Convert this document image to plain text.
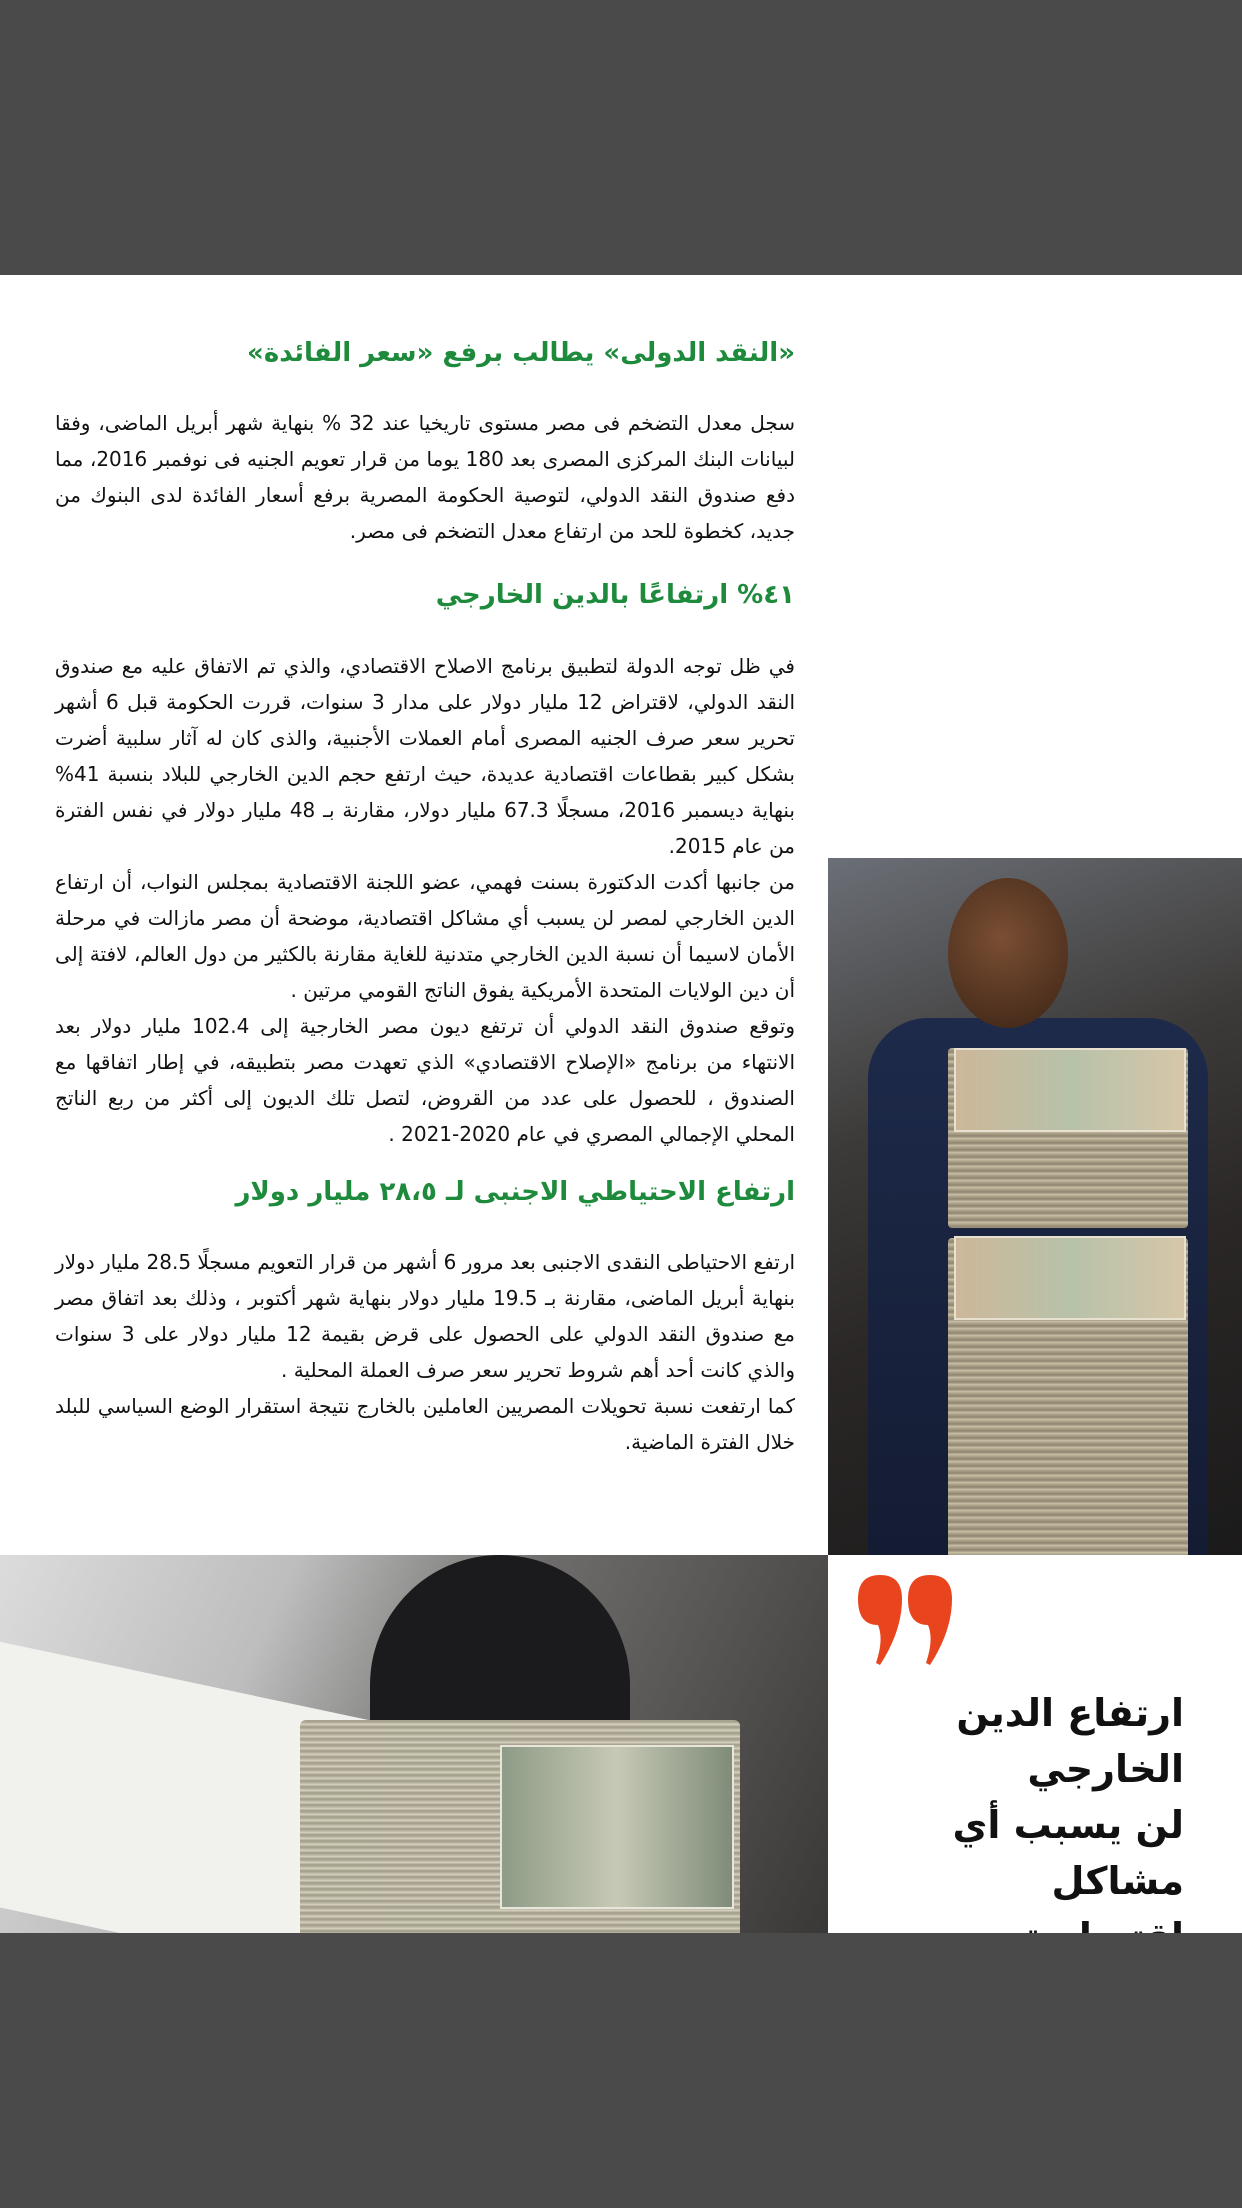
«النقد الدولى» يطالب برفع «سعر الفائدة»

سجل معدل التضخم فى مصر مستوى تاريخيا عند 32 % بنهاية شهر أبريل الماضى، وفقا لبيانات البنك المركزى المصرى بعد 180 يوما من قرار تعويم الجنيه فى نوفمبر 2016، مما دفع صندوق النقد الدولي، لتوصية الحكومة المصرية برفع أسعار الفائدة لدى البنوك من جديد، كخطوة للحد من ارتفاع معدل التضخم فى مصر.

٤١% ارتفاعًا بالدين الخارجي

في ظل توجه الدولة لتطبيق برنامج الاصلاح الاقتصادي، والذي تم الاتفاق عليه مع صندوق النقد الدولي، لاقتراض 12 مليار دولار على مدار 3 سنوات، قررت الحكومة قبل 6 أشهر تحرير سعر صرف الجنيه المصرى أمام العملات الأجنبية، والذى كان له آثار سلبية أضرت بشكل كبير بقطاعات اقتصادية عديدة، حيث ارتفع حجم الدين الخارجي للبلاد بنسبة 41% بنهاية ديسمبر 2016، مسجلًا 67.3 مليار دولار، مقارنة بـ 48 مليار دولار في نفس الفترة من عام 2015.

من جانبها أكدت الدكتورة بسنت فهمي، عضو اللجنة الاقتصادية بمجلس النواب، أن ارتفاع الدين الخارجي لمصر لن يسبب أي مشاكل اقتصادية، موضحة أن مصر مازالت في مرحلة الأمان لاسيما أن نسبة الدين الخارجي متدنية للغاية مقارنة بالكثير من دول العالم، لافتة إلى أن دين الولايات المتحدة الأمريكية يفوق الناتج القومي مرتين .

وتوقع صندوق النقد الدولي أن ترتفع ديون مصر الخارجية إلى 102.4 مليار دولار بعد الانتهاء من برنامج «الإصلاح الاقتصادي» الذي تعهدت مصر بتطبيقه، في إطار اتفاقها مع الصندوق ، للحصول على عدد من القروض، لتصل تلك الديون إلى أكثر من ربع الناتج المحلي الإجمالي المصري في عام 2020-2021 .

ارتفاع الاحتياطي الاجنبى لـ ٢٨،٥ مليار دولار

ارتفع الاحتياطى النقدى الاجنبى بعد مرور 6 أشهر من قرار التعويم مسجلًا 28.5 مليار دولار بنهاية أبريل الماضى، مقارنة بـ 19.5 مليار دولار بنهاية شهر أكتوبر ، وذلك بعد اتفاق مصر مع صندوق النقد الدولي على الحصول على قرض بقيمة 12 مليار دولار على 3 سنوات والذي كانت أحد أهم شروط تحرير سعر صرف العملة المحلية .

كما ارتفعت نسبة تحويلات المصريين العاملين بالخارج نتيجة استقرار الوضع السياسي للبلد خلال الفترة الماضية.

ارتفاع الدين الخارجي
لن يسبب أي مشاكل
